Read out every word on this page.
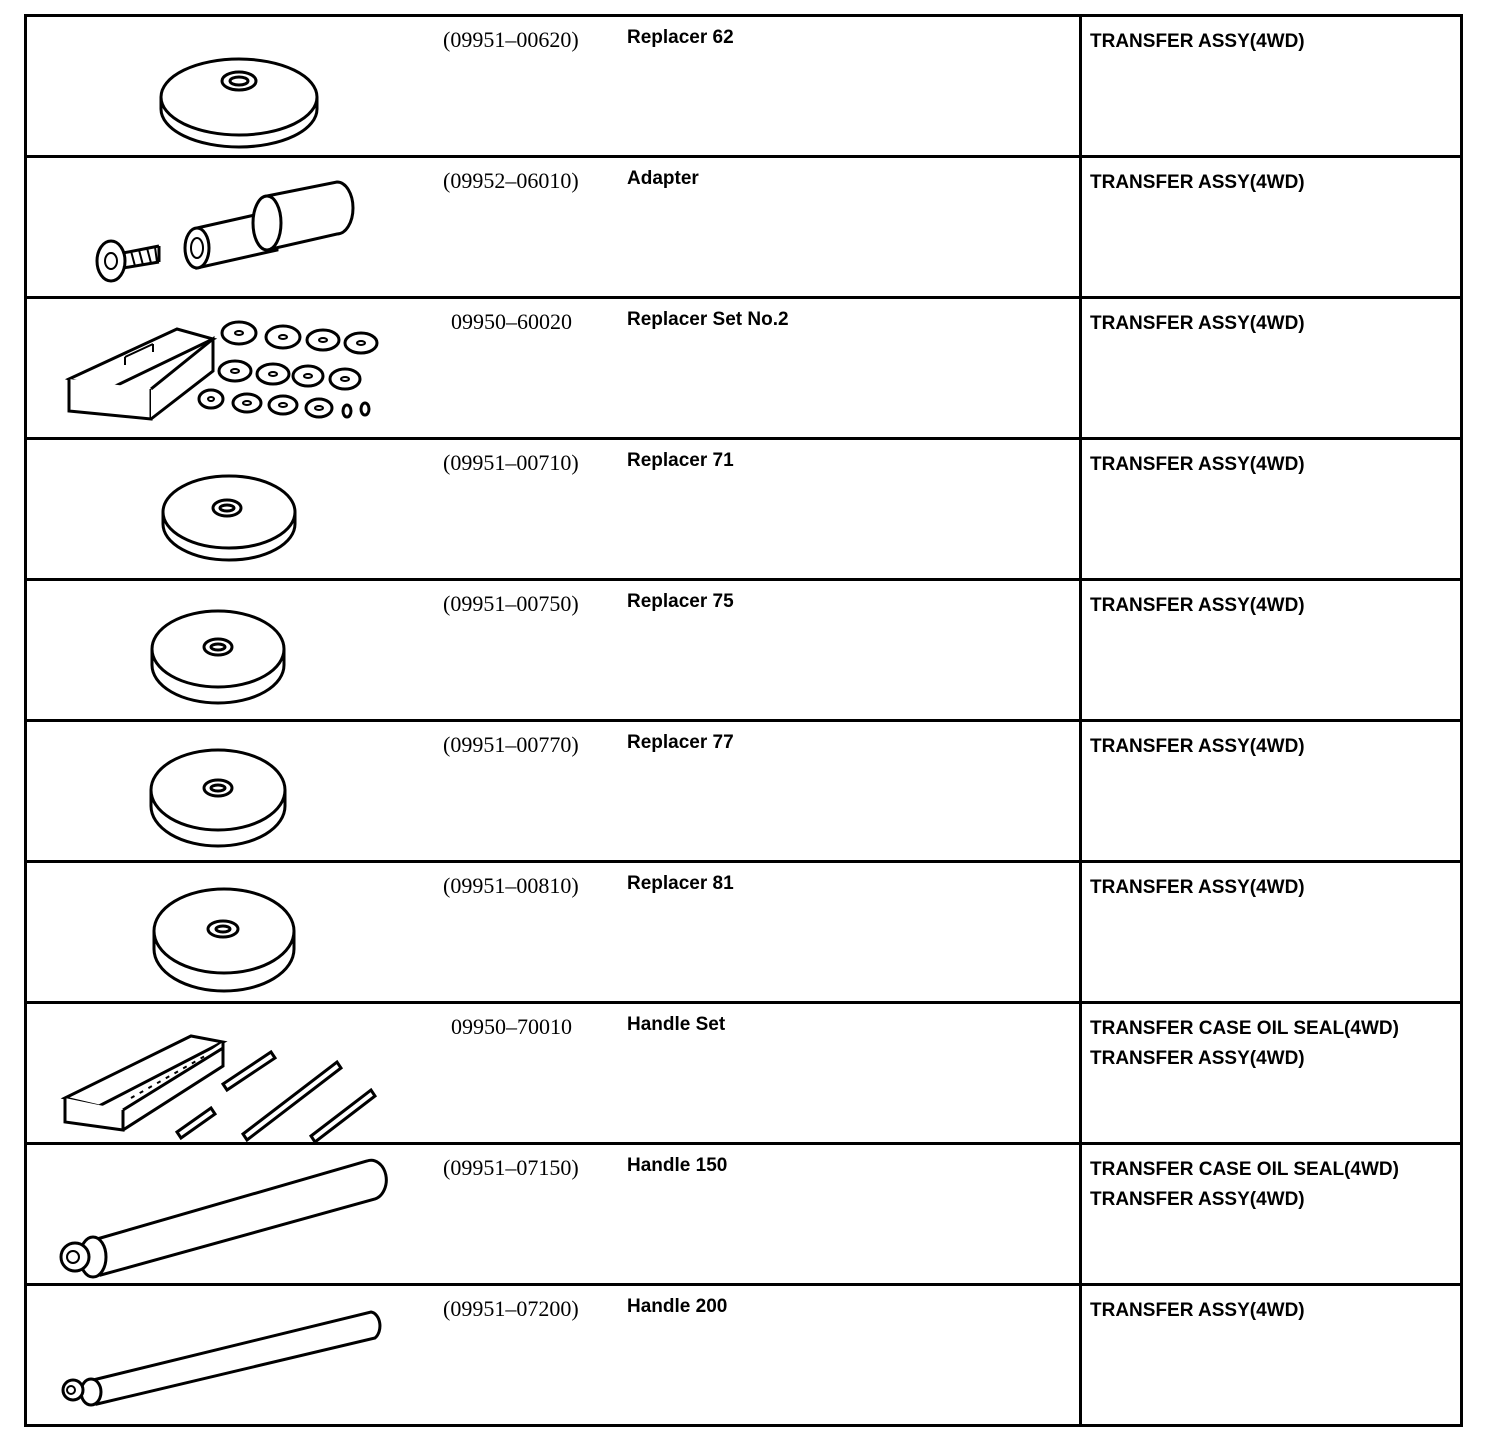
(09951–00620)	Replacer 62	TRANSFER ASSY(4WD)
(09952–06010)	Adapter	TRANSFER ASSY(4WD)
09950–60020	Replacer Set No.2	TRANSFER ASSY(4WD)
(09951–00710)	Replacer 71	TRANSFER ASSY(4WD)
(09951–00750)	Replacer 75	TRANSFER ASSY(4WD)
(09951–00770)	Replacer 77	TRANSFER ASSY(4WD)
(09951–00810)	Replacer 81	TRANSFER ASSY(4WD)
09950–70010	Handle Set	TRANSFER CASE OIL SEAL(4WD)
TRANSFER ASSY(4WD)
(09951–07150)	Handle 150	TRANSFER CASE OIL SEAL(4WD)
TRANSFER ASSY(4WD)
(09951–07200)	Handle 200	TRANSFER ASSY(4WD)
